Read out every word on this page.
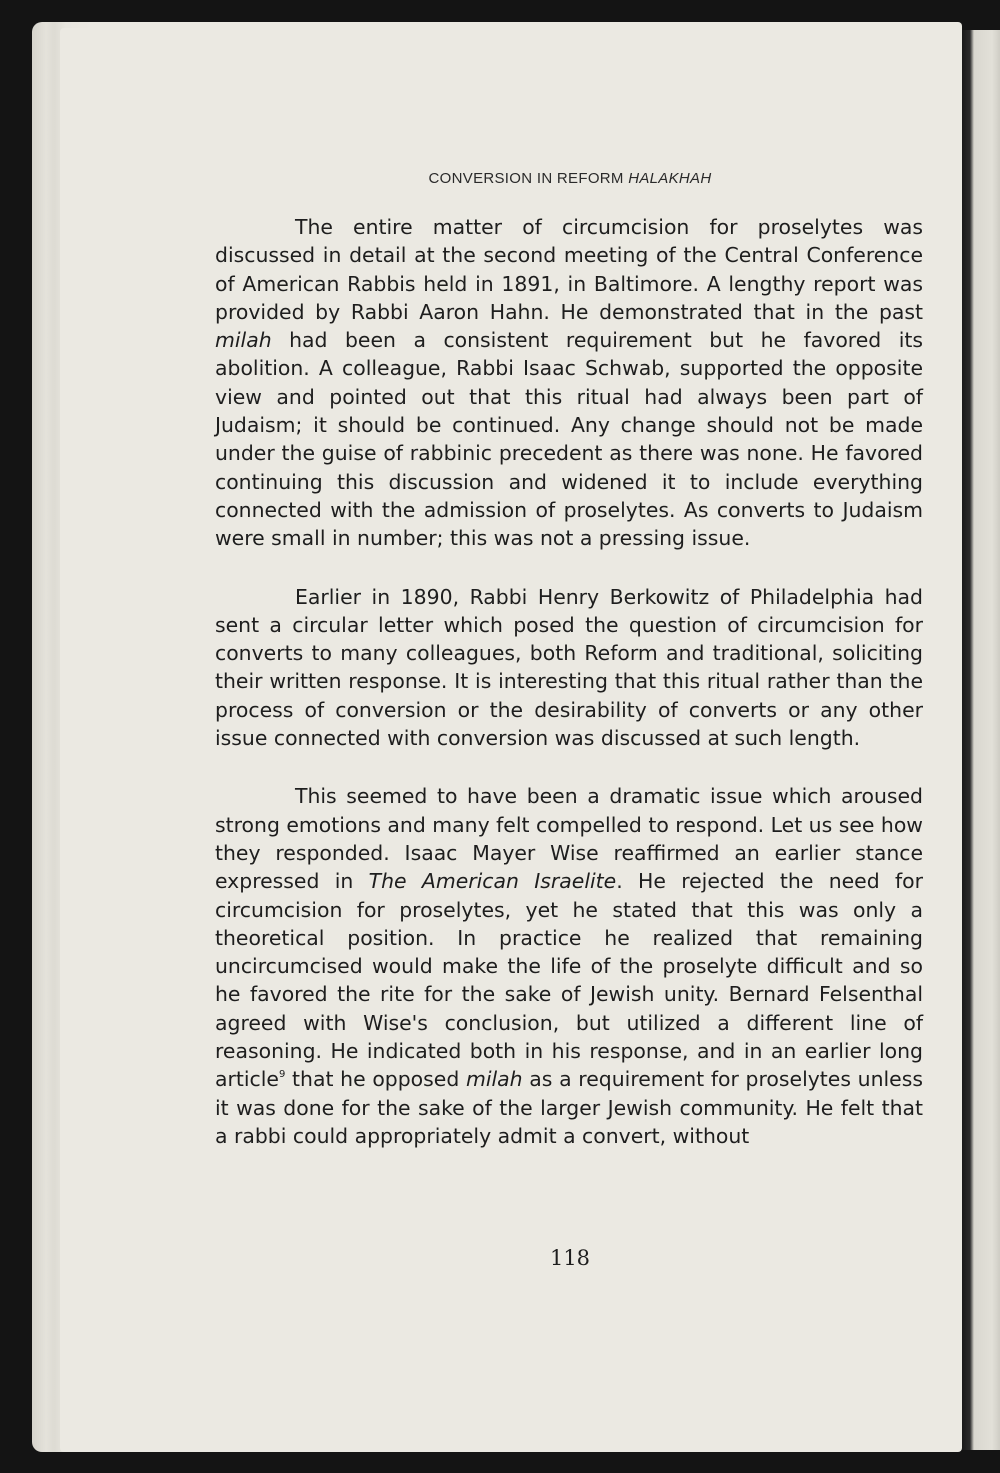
CONVERSION IN REFORM HALAKHAH

The entire matter of circumcision for proselytes was discussed in detail at the second meeting of the Central Conference of American Rabbis held in 1891, in Baltimore. A lengthy report was provided by Rabbi Aaron Hahn. He demonstrated that in the past milah had been a consistent requirement but he favored its abolition. A colleague, Rabbi Isaac Schwab, supported the opposite view and pointed out that this ritual had always been part of Judaism; it should be continued. Any change should not be made under the guise of rabbinic precedent as there was none. He favored continuing this discussion and widened it to include everything connected with the admission of proselytes. As converts to Judaism were small in number; this was not a pressing issue.

Earlier in 1890, Rabbi Henry Berkowitz of Philadelphia had sent a circular letter which posed the question of circumcision for converts to many colleagues, both Reform and traditional, soliciting their written response. It is interesting that this ritual rather than the process of conversion or the desirability of converts or any other issue connected with conversion was discussed at such length.

This seemed to have been a dramatic issue which aroused strong emotions and many felt compelled to respond. Let us see how they responded. Isaac Mayer Wise reaffirmed an earlier stance expressed in The American Israelite. He rejected the need for circumcision for proselytes, yet he stated that this was only a theoretical position. In practice he realized that remaining uncircumcised would make the life of the proselyte difficult and so he favored the rite for the sake of Jewish unity. Bernard Felsenthal agreed with Wise's conclusion, but utilized a different line of reasoning. He indicated both in his response, and in an earlier long article$^9$ that he opposed milah as a requirement for proselytes unless it was done for the sake of the larger Jewish community. He felt that a rabbi could appropriately admit a convert, without

118
